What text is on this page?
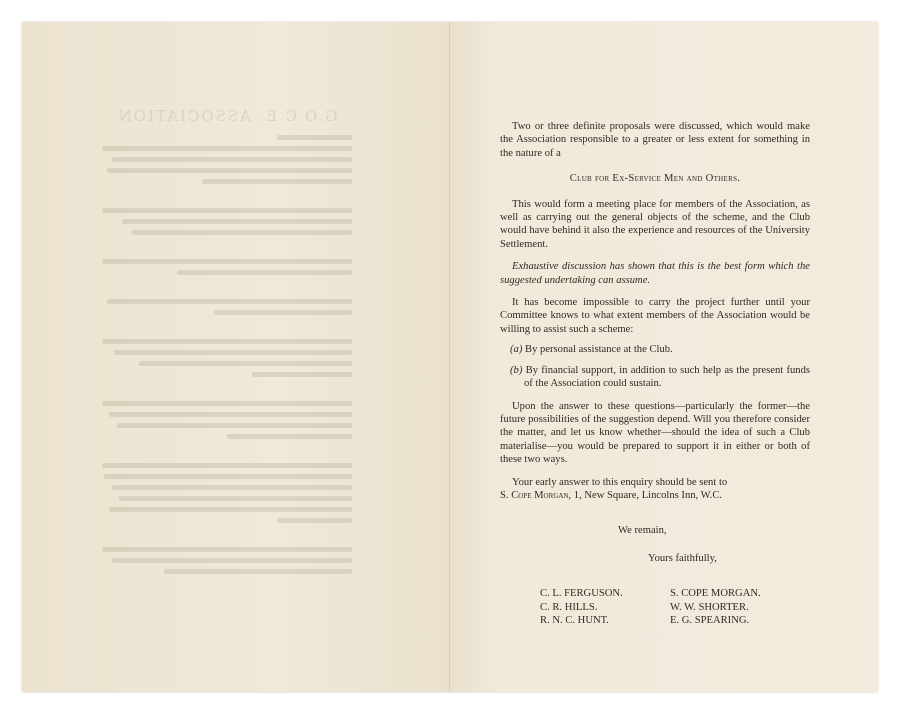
G.O.C.E. ASSOCIATION

Two or three definite proposals were discussed, which would make the Association responsible to a greater or less extent for something in the nature of a

Club for Ex-Service Men and Others.

This would form a meeting place for members of the Association, as well as carrying out the general objects of the scheme, and the Club would have behind it also the experience and resources of the University Settlement.

Exhaustive discussion has shown that this is the best form which the suggested undertaking can assume.

It has become impossible to carry the project further until your Committee knows to what extent members of the Association would be willing to assist such a scheme:

(a) By personal assistance at the Club.

(b) By financial support, in addition to such help as the present funds of the Association could sustain.

Upon the answer to these questions—particularly the former—the future possibilities of the suggestion depend. Will you therefore consider the matter, and let us know whether—should the idea of such a Club materialise—you would be prepared to support it in either or both of these two ways.

Your early answer to this enquiry should be sent to

S. Cope Morgan, 1, New Square, Lincolns Inn, W.C.

We remain,

Yours faithfully,

C. L. FERGUSON.
C. R. HILLS.
R. N. C. HUNT.
S. COPE MORGAN.
W. W. SHORTER.
E. G. SPEARING.
